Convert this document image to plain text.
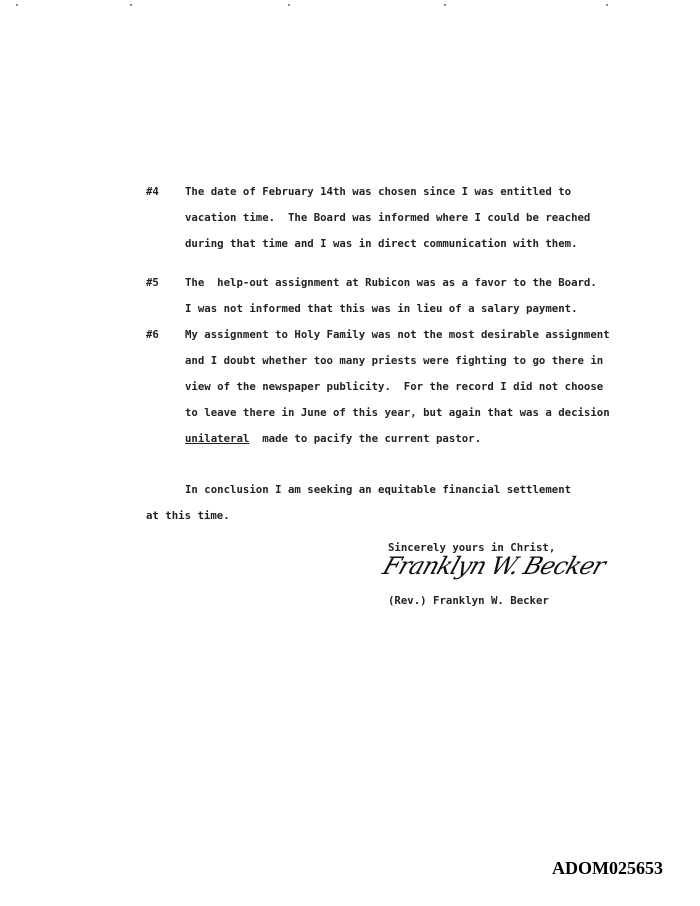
#4 The date of February 14th was chosen since I was entitled to
vacation time.  The Board was informed where I could be reached
during that time and I was in direct communication with them.
#5 The  help-out assignment at Rubicon was as a favor to the Board.
I was not informed that this was in lieu of a salary payment.
#6 My assignment to Holy Family was not the most desirable assignment
and I doubt whether too many priests were fighting to go there in
view of the newspaper publicity.  For the record I did not choose
to leave there in June of this year, but again that was a decision
unilateral  made to pacify the current pastor.
In conclusion I am seeking an equitable financial settlement
at this time.
Sincerely yours in Christ,
Franklyn W. Becker
(Rev.) Franklyn W. Becker
ADOM025653
